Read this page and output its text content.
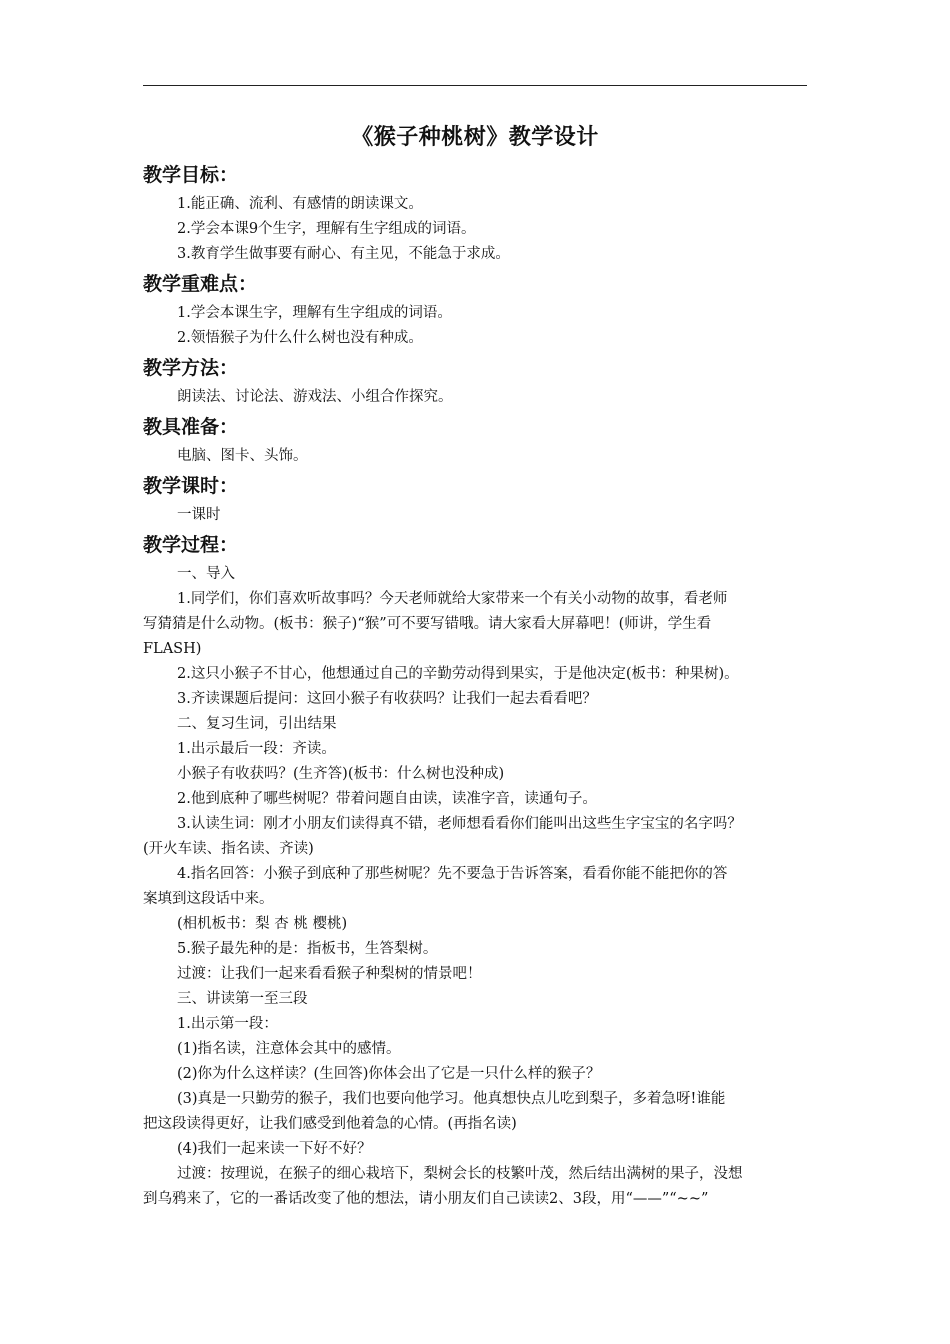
《猴子种桃树》教学设计
教学目标：

1.能正确、流利、有感情的朗读课文。

2.学会本课9个生字，理解有生字组成的词语。

3.教育学生做事要有耐心、有主见，不能急于求成。

教学重难点：

1.学会本课生字，理解有生字组成的词语。

2.领悟猴子为什么什么树也没有种成。

教学方法：

朗读法、讨论法、游戏法、小组合作探究。

教具准备：

电脑、图卡、头饰。

教学课时：

一课时

教学过程：

一、导入

1.同学们，你们喜欢听故事吗？今天老师就给大家带来一个有关小动物的故事，看老师

写猜猜是什么动物。(板书：猴子)“猴”可不要写错哦。请大家看大屏幕吧！(师讲，学生看

FLASH)

2.这只小猴子不甘心，他想通过自己的辛勤劳动得到果实，于是他决定(板书：种果树)。

3.齐读课题后提问：这回小猴子有收获吗？让我们一起去看看吧？

二、复习生词，引出结果

1.出示最后一段：齐读。

小猴子有收获吗？(生齐答)(板书：什么树也没种成)

2.他到底种了哪些树呢？带着问题自由读，读准字音，读通句子。

3.认读生词：刚才小朋友们读得真不错，老师想看看你们能叫出这些生字宝宝的名字吗？

(开火车读、指名读、齐读)

4.指名回答：小猴子到底种了那些树呢？先不要急于告诉答案，看看你能不能把你的答

案填到这段话中来。

(相机板书：梨 杏 桃 樱桃)

5.猴子最先种的是：指板书，生答梨树。

过渡：让我们一起来看看猴子种梨树的情景吧！

三、讲读第一至三段

1.出示第一段：

(1)指名读，注意体会其中的感情。

(2)你为什么这样读？(生回答)你体会出了它是一只什么样的猴子？

(3)真是一只勤劳的猴子，我们也要向他学习。他真想快点儿吃到梨子，多着急呀!谁能

把这段读得更好，让我们感受到他着急的心情。(再指名读)

(4)我们一起来读一下好不好？

过渡：按理说，在猴子的细心栽培下，梨树会长的枝繁叶茂，然后结出满树的果子，没想

到乌鸦来了，它的一番话改变了他的想法，请小朋友们自己读读2、3段，用“——”“~~”
